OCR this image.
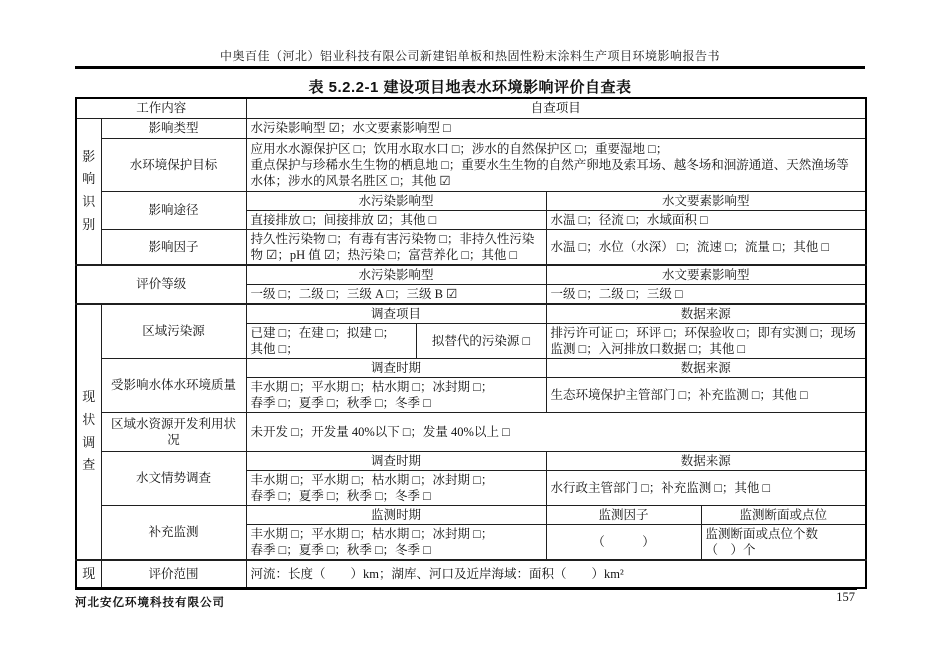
中奥百佳（河北）铝业科技有限公司新建铝单板和热固性粉末涂料生产项目环境影响报告书
表 5.2.2-1 建设项目地表水环境影响评价自查表
工作内容		自查项目			
影响识别	影响类型	水污染影响型 ☑；水文要素影响型 □			
	水环境保护目标	应用水水源保护区 □；饮用水取水口 □；涉水的自然保护区 □；重要湿地 □；
重点保护与珍稀水生生物的栖息地 □；重要水生生物的自然产卵地及索耳场、越冬场和洄游通道、天然渔场等水体；涉水的风景名胜区 □；其他 ☑			
	影响途径	水污染影响型		水文要素影响型	
		直接排放 □；间接排放 ☑；其他 □		水温 □；径流 □；水域面积 □	
	影响因子	持久性污染物 □；有毒有害污染物 □；非持久性污染物 ☑；pH 值 ☑；热污染 □；富营养化 □；其他 □		水温 □；水位（水深） □；流速 □；流量 □；其他 □	
评价等级		水污染影响型		水文要素影响型	
		一级 □；二级 □；三级 A □；三级 B ☑		一级 □；二级 □；三级 □	
现状调查	区域污染源	调查项目		数据来源	

		已建 □；在建 □；拟建 □；
其他 □；	拟替代的污染源 □	排污许可证 □；环评 □；环保验收 □；即有实测 □；现场监测 □；入河排放口数据 □；其他 □	
	受影响水体水环境质量	调查时期		数据来源	

		丰水期 □；平水期 □；枯水期 □；冰封期 □；
春季 □；夏季 □；秋季 □；冬季 □		生态环境保护主管部门 □；补充监测 □；其他 □	
	区域水资源开发利用状况	未开发 □；开发量 40%以下 □；发量 40%以上 □			
	水文情势调查	调查时期		数据来源	

		丰水期 □；平水期 □；枯水期 □；冰封期 □；
春季 □；夏季 □；秋季 □；冬季 □		水行政主管部门 □；补充监测 □；其他 □	
	补充监测	监测时期		监测因子	监测断面或点位

		丰水期 □；平水期 □；枯水期 □；冰封期 □；
春季 □；夏季 □；秋季 □；冬季 □		（　　　）	监测断面或点位个数
（　）个
现	评价范围	河流：长度（　　）km；湖库、河口及近岸海域：面积（　　）km²			
河北安亿环境科技有限公司	157
